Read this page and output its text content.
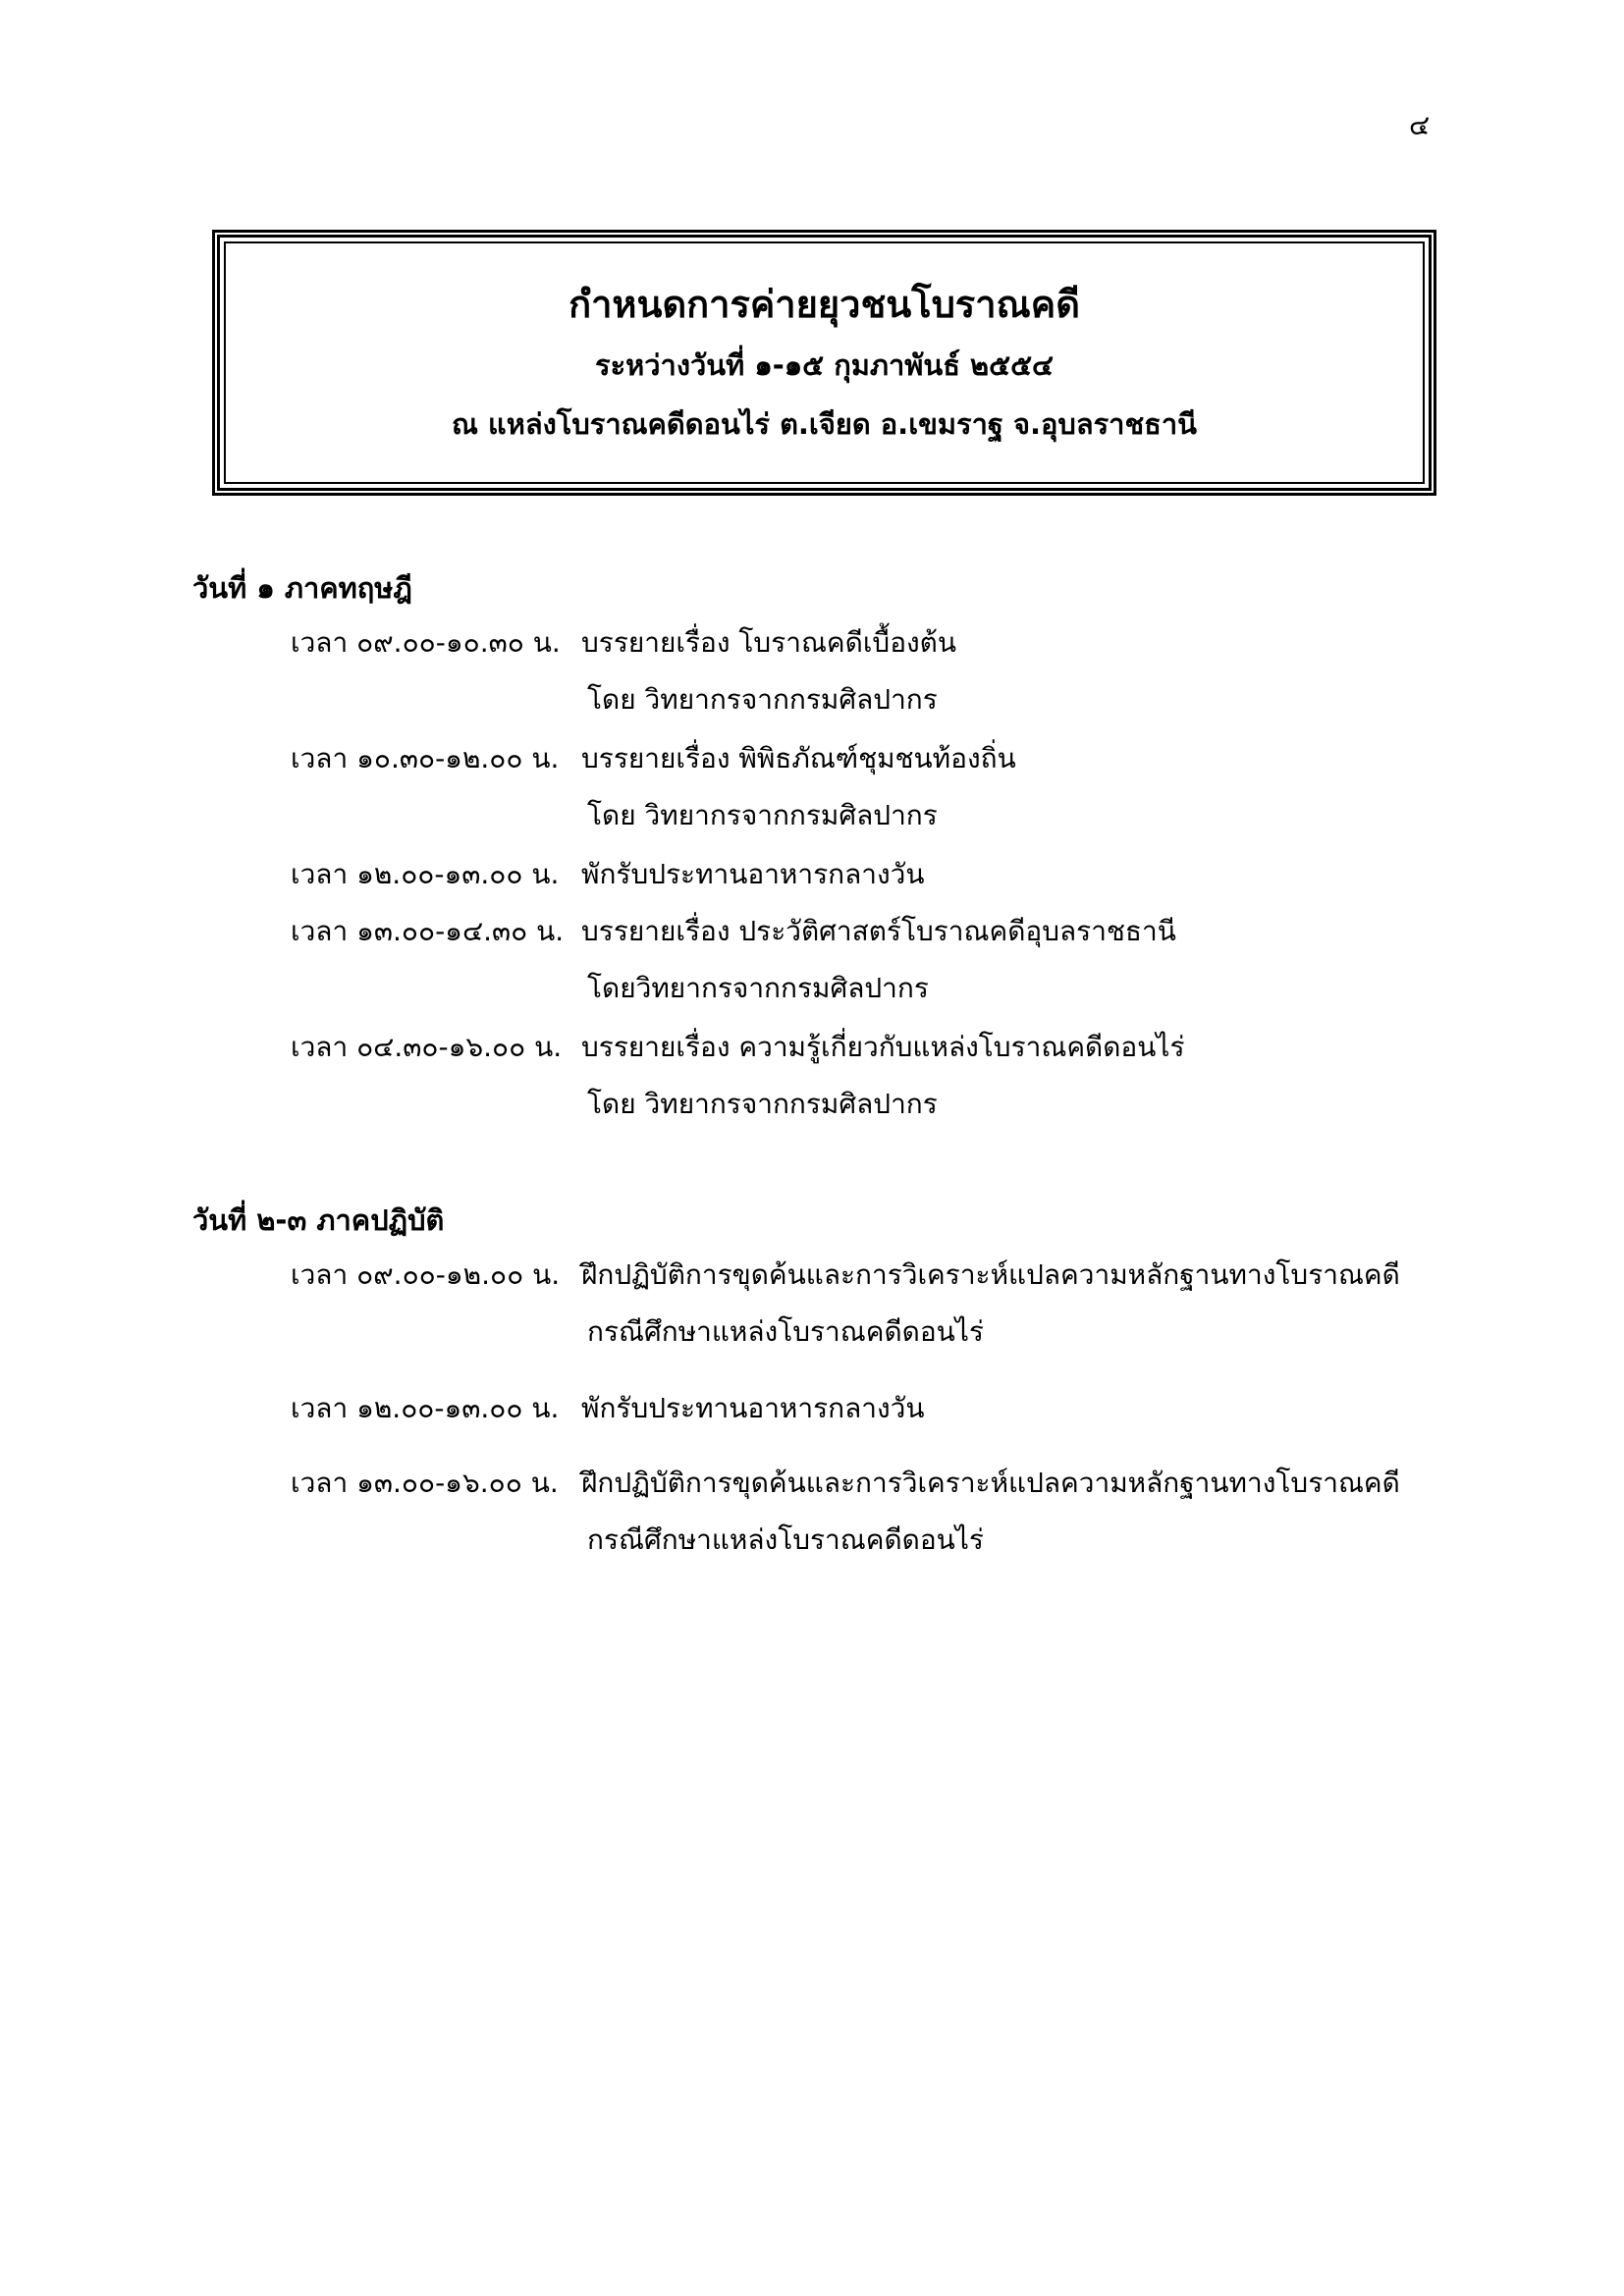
๔
กำหนดการค่ายยุวชนโบราณคดี
ระหว่างวันที่ ๑-๑๕ กุมภาพันธ์ ๒๕๕๔
ณ แหล่งโบราณคดีดอนไร่ ต.เจียด อ.เขมราฐ จ.อุบลราชธานี
วันที่ ๑ ภาคทฤษฎี
เวลา ๐๙.๐๐-๑๐.๓๐ น. บรรยายเรื่อง โบราณคดีเบื้องต้น
โดย วิทยากรจากกรมศิลปากร
เวลา ๑๐.๓๐-๑๒.๐๐ น. บรรยายเรื่อง พิพิธภัณฑ์ชุมชนท้องถิ่น
โดย วิทยากรจากกรมศิลปากร
เวลา ๑๒.๐๐-๑๓.๐๐ น. พักรับประทานอาหารกลางวัน
เวลา ๑๓.๐๐-๑๔.๓๐ น. บรรยายเรื่อง ประวัติศาสตร์โบราณคดีอุบลราชธานี
โดยวิทยากรจากกรมศิลปากร
เวลา ๐๔.๓๐-๑๖.๐๐ น. บรรยายเรื่อง ความรู้เกี่ยวกับแหล่งโบราณคดีดอนไร่
โดย วิทยากรจากกรมศิลปากร
วันที่ ๒-๓ ภาคปฏิบัติ
เวลา ๐๙.๐๐-๑๒.๐๐ น. ฝึกปฏิบัติการขุดค้นและการวิเคราะห์แปลความหลักฐานทางโบราณคดี
กรณีศึกษาแหล่งโบราณคดีดอนไร่
เวลา ๑๒.๐๐-๑๓.๐๐ น. พักรับประทานอาหารกลางวัน
เวลา ๑๓.๐๐-๑๖.๐๐ น. ฝึกปฏิบัติการขุดค้นและการวิเคราะห์แปลความหลักฐานทางโบราณคดี
กรณีศึกษาแหล่งโบราณคดีดอนไร่
